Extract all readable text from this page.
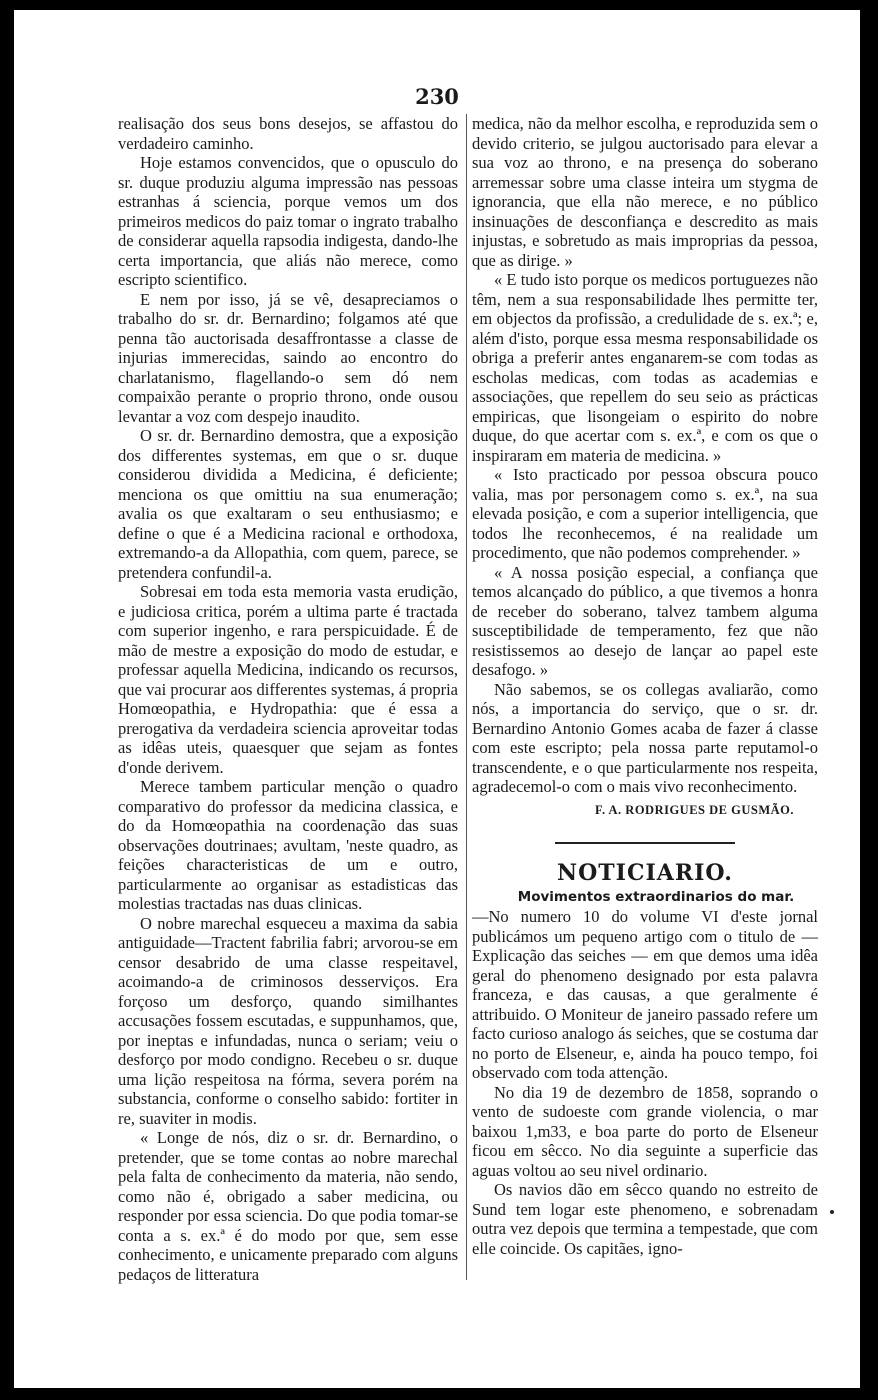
230

realisação dos seus bons desejos, se affastou do verdadeiro caminho.

Hoje estamos convencidos, que o opusculo do sr. duque produziu alguma impressão nas pessoas estranhas á sciencia, porque vemos um dos primeiros medicos do paiz tomar o ingrato trabalho de considerar aquella rapsodia indigesta, dando-lhe certa importancia, que aliás não merece, como escripto scientifico.

E nem por isso, já se vê, desapreciamos o trabalho do sr. dr. Bernardino; folgamos até que penna tão auctorisada desaffrontasse a classe de injurias immerecidas, saindo ao encontro do charlatanismo, flagellando-o sem dó nem compaixão perante o proprio throno, onde ousou levantar a voz com despejo inaudito.

O sr. dr. Bernardino demostra, que a exposição dos differentes systemas, em que o sr. duque considerou dividida a Medicina, é deficiente; menciona os que omittiu na sua enumeração; avalia os que exaltaram o seu enthusiasmo; e define o que é a Medicina racional e orthodoxa, extremando-a da Allopathia, com quem, parece, se pretendera confundil-a.

Sobresai em toda esta memoria vasta erudição, e judiciosa critica, porém a ultima parte é tractada com superior ingenho, e rara perspicuidade. É de mão de mestre a exposição do modo de estudar, e professar aquella Medicina, indicando os recursos, que vai procurar aos differentes systemas, á propria Homœopathia, e Hydropathia: que é essa a prerogativa da verdadeira sciencia aproveitar todas as idêas uteis, quaesquer que sejam as fontes d'onde derivem.

Merece tambem particular menção o quadro comparativo do professor da medicina classica, e do da Homœopathia na coordenação das suas observações doutrinaes; avultam, 'neste quadro, as feições characteristicas de um e outro, particularmente ao organisar as estadisticas das molestias tractadas nas duas clinicas.

O nobre marechal esqueceu a maxima da sabia antiguidade—Tractent fabrilia fabri; arvorou-se em censor desabrido de uma classe respeitavel, acoimando-a de criminosos desserviços. Era forçoso um desforço, quando similhantes accusações fossem escutadas, e suppunhamos, que, por ineptas e infundadas, nunca o seriam; veiu o desforço por modo condigno. Recebeu o sr. duque uma lição respeitosa na fórma, severa porém na substancia, conforme o conselho sabido: fortiter in re, suaviter in modis.

« Longe de nós, diz o sr. dr. Bernardino, o pretender, que se tome contas ao nobre marechal pela falta de conhecimento da materia, não sendo, como não é, obrigado a saber medicina, ou responder por essa sciencia. Do que podia tomar-se conta a s. ex.ª é do modo por que, sem esse conhecimento, e unicamente preparado com alguns pedaços de litteratura

medica, não da melhor escolha, e reproduzida sem o devido criterio, se julgou auctorisado para elevar a sua voz ao throno, e na presença do soberano arremessar sobre uma classe inteira um stygma de ignorancia, que ella não merece, e no público insinuações de desconfiança e descredito as mais injustas, e sobretudo as mais improprias da pessoa, que as dirige. »

« E tudo isto porque os medicos portuguezes não têm, nem a sua responsabilidade lhes permitte ter, em objectos da profissão, a credulidade de s. ex.ª; e, além d'isto, porque essa mesma responsabilidade os obriga a preferir antes enganarem-se com todas as escholas medicas, com todas as academias e associações, que repellem do seu seio as prácticas empiricas, que lisongeiam o espirito do nobre duque, do que acertar com s. ex.ª, e com os que o inspiraram em materia de medicina. »

« Isto practicado por pessoa obscura pouco valia, mas por personagem como s. ex.ª, na sua elevada posição, e com a superior intelligencia, que todos lhe reconhecemos, é na realidade um procedimento, que não podemos comprehender. »

« A nossa posição especial, a confiança que temos alcançado do público, a que tivemos a honra de receber do soberano, talvez tambem alguma susceptibilidade de temperamento, fez que não resistissemos ao desejo de lançar ao papel este desafogo. »

Não sabemos, se os collegas avaliarão, como nós, a importancia do serviço, que o sr. dr. Bernardino Antonio Gomes acaba de fazer á classe com este escripto; pela nossa parte reputamol-o transcendente, e o que particularmente nos respeita, agradecemol-o com o mais vivo reconhecimento.

F. A. RODRIGUES DE GUSMÃO.
NOTICIARIO.

Movimentos extraordinarios do mar.

—No numero 10 do volume VI d'este jornal publicámos um pequeno artigo com o titulo de — Explicação das seiches — em que demos uma idêa geral do phenomeno designado por esta palavra franceza, e das causas, a que geralmente é attribuido. O Moniteur de janeiro passado refere um facto curioso analogo ás seiches, que se costuma dar no porto de Elseneur, e, ainda ha pouco tempo, foi observado com toda attenção.

No dia 19 de dezembro de 1858, soprando o vento de sudoeste com grande violencia, o mar baixou 1,m33, e boa parte do porto de Elseneur ficou em sêcco. No dia seguinte a superficie das aguas voltou ao seu nivel ordinario.

Os navios dão em sêcco quando no estreito de Sund tem logar este phenomeno, e sobrenadam outra vez depois que termina a tempestade, que com elle coincide. Os capitães, igno-
